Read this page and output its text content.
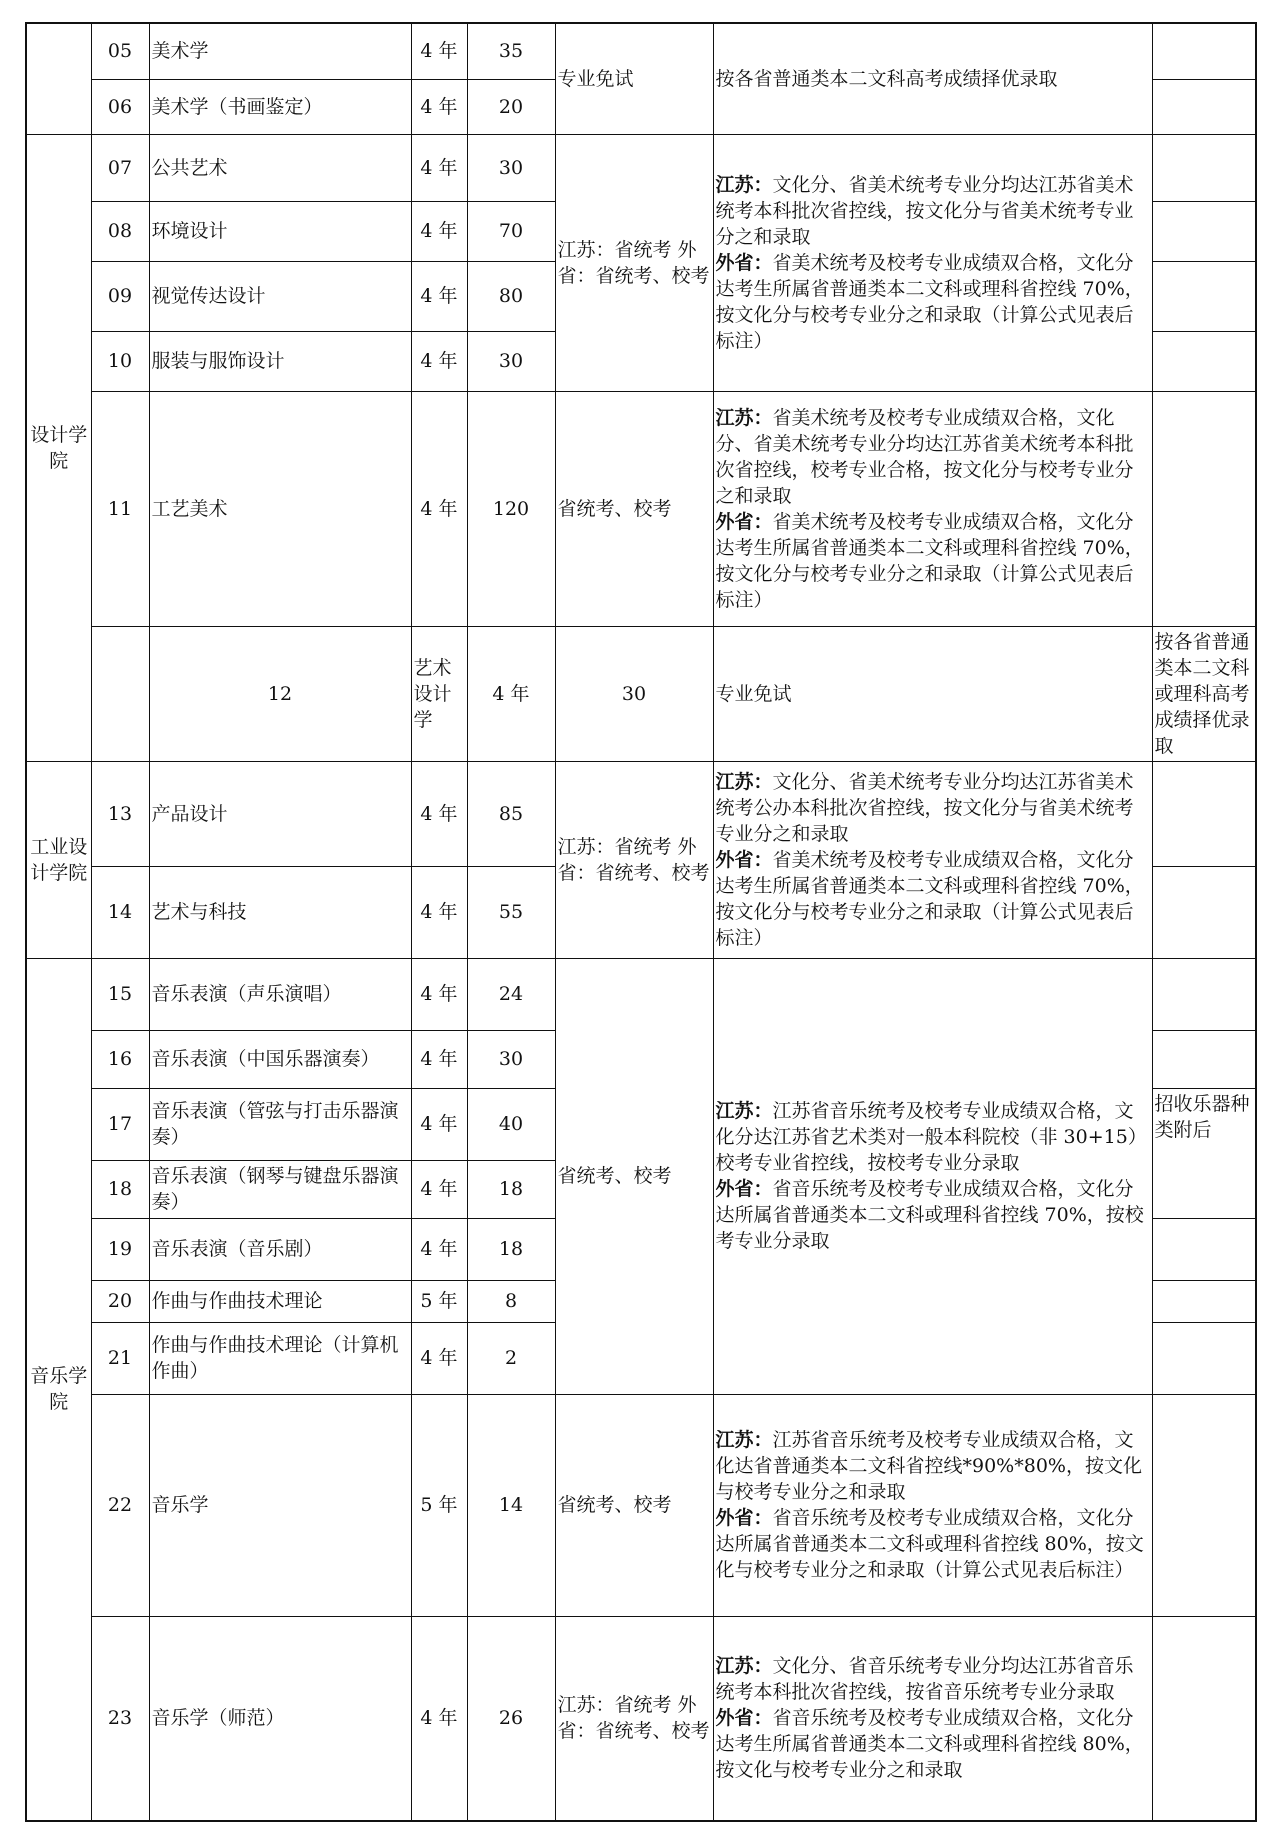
	05	美术学	4 年	35	专业免试	按各省普通类本二文科高考成绩择优录取		
	06	美术学（书画鉴定）	4 年	20				
设计学院	07	公共艺术	4 年	30	江苏：省统考 外省：省统考、校考	江苏：文化分、省美术统考专业分均达江苏省美术统考本科批次省控线，按文化分与省美术统考专业分之和录取
外省：省美术统考及校考专业成绩双合格，文化分达考生所属省普通类本二文科或理科省控线 70%，按文化分与校考专业分之和录取（计算公式见表后标注）		
	08	环境设计	4 年	70				
	09	视觉传达设计	4 年	80				
	10	服装与服饰设计	4 年	30				
	11	工艺美术	4 年	120	省统考、校考	江苏：省美术统考及校考专业成绩双合格，文化分、省美术统考专业分均达江苏省美术统考本科批次省控线，校考专业合格，按文化分与校考专业分之和录取
外省：省美术统考及校考专业成绩双合格，文化分达考生所属省普通类本二文科或理科省控线 70%，按文化分与校考专业分之和录取（计算公式见表后标注）		
		12	艺术设计学	4 年	30	专业免试	按各省普通类本二文科或理科高考成绩择优录取	
工业设计学院	13	产品设计	4 年	85	江苏：省统考 外省：省统考、校考	江苏：文化分、省美术统考专业分均达江苏省美术统考公办本科批次省控线，按文化分与省美术统考专业分之和录取
外省：省美术统考及校考专业成绩双合格，文化分达考生所属省普通类本二文科或理科省控线 70%，按文化分与校考专业分之和录取（计算公式见表后标注）		
	14	艺术与科技	4 年	55				
音乐学院	15	音乐表演（声乐演唱）	4 年	24	省统考、校考	江苏：江苏省音乐统考及校考专业成绩双合格，文化分达江苏省艺术类对一般本科院校（非 30+15）校考专业省控线，按校考专业分录取
外省：省音乐统考及校考专业成绩双合格，文化分达所属省普通类本二文科或理科省控线 70%，按校考专业分录取		
	16	音乐表演（中国乐器演奏）	4 年	30				
	17	音乐表演（管弦与打击乐器演奏）	4 年	40			招收乐器种类附后	
	18	音乐表演（钢琴与键盘乐器演奏）	4 年	18				
	19	音乐表演（音乐剧）	4 年	18				
	20	作曲与作曲技术理论	5 年	8				
	21	作曲与作曲技术理论（计算机作曲）	4 年	2				
	22	音乐学	5 年	14	省统考、校考	江苏：江苏省音乐统考及校考专业成绩双合格，文化达省普通类本二文科省控线*90%*80%，按文化与校考专业分之和录取
外省：省音乐统考及校考专业成绩双合格，文化分达所属省普通类本二文科或理科省控线 80%，按文化与校考专业分之和录取（计算公式见表后标注）		
	23	音乐学（师范）	4 年	26	江苏：省统考 外省：省统考、校考	江苏：文化分、省音乐统考专业分均达江苏省音乐统考本科批次省控线，按省音乐统考专业分录取
外省：省音乐统考及校考专业成绩双合格，文化分达考生所属省普通类本二文科或理科省控线 80%，按文化与校考专业分之和录取		
